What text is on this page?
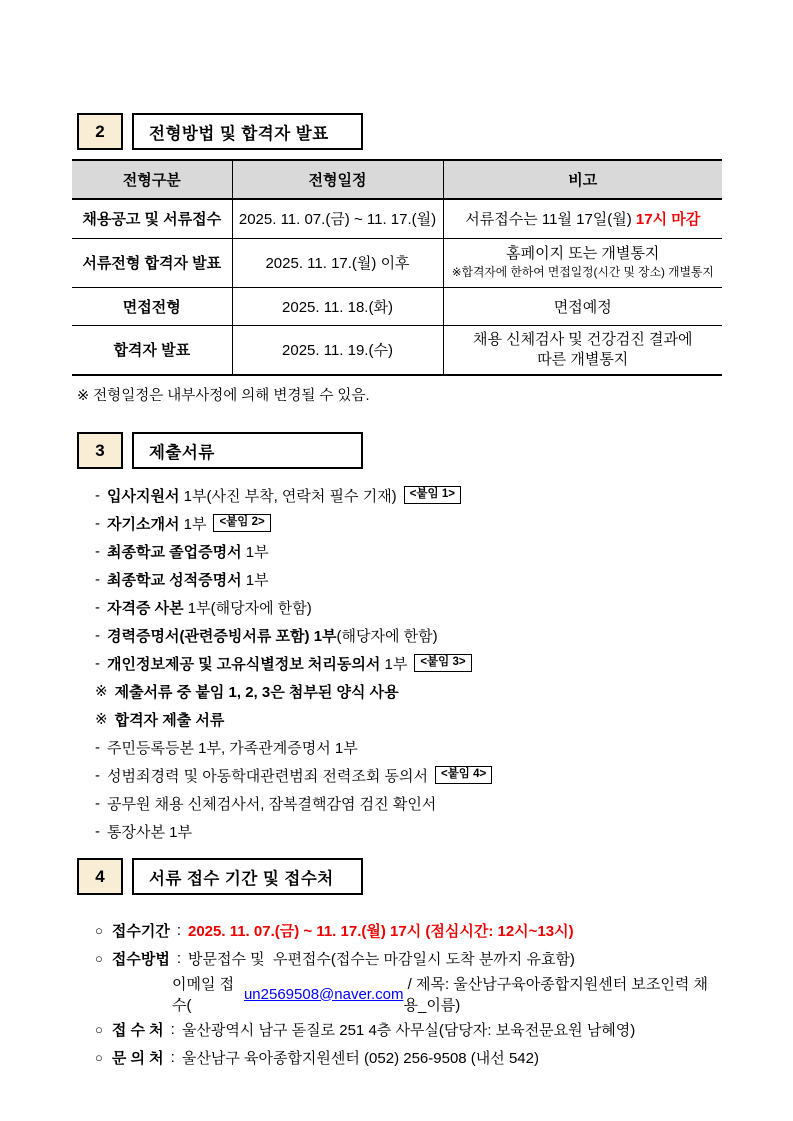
2	전형방법 및 합격자 발표
전형구분	전형일정	비고
채용공고 및 서류접수	2025. 11. 07.(금) ~ 11. 17.(월)	서류접수는 11월 17일(월) 17시 마감
서류전형 합격자 발표	2025. 11. 17.(월) 이후	홈페이지 또는 개별통지
※합격자에 한하여 면접일정(시간 및 장소) 개별통지

면접전형	2025. 11. 18.(화)	면접예정
합격자 발표	2025. 11. 19.(수)	채용 신체검사 및 건강검진 결과에
따른 개별통지
※ 전형일정은 내부사정에 의해 변경될 수 있음.
3	제출서류
- 입사지원서 1부(사진 부착, 연락처 필수 기재)	<붙임 1>
- 자기소개서 1부	<붙임 2>
- 최종학교 졸업증명서 1부
- 최종학교 성적증명서 1부
- 자격증 사본 1부(해당자에 한함)
- 경력증명서(관련증빙서류 포함) 1부 (해당자에 한함)
- 개인정보제공 및 고유식별정보 처리동의서 1부	<붙임 3>
※ 제출서류 중 붙임 1, 2, 3은 첨부된 양식 사용
※ 합격자 제출 서류
- 주민등록등본 1부, 가족관계증명서 1부
- 성범죄경력 및 아동학대관련범죄 전력조회 동의서	<붙임 4>
- 공무원 채용 신체검사서, 잠복결핵감염 검진 확인서
- 통장사본 1부
4	서류 접수 기간 및 접수처
○ 접수기간 : 2025. 11. 07.(금) ~ 11. 17.(월) 17시 (점심시간: 12시~13시)
○ 접수방법 : 방문접수 및  우편접수(접수는 마감일시 도착 분까지 유효함)
이메일 접수(
un2569508@naver.com
/ 제목: 울산남구육아종합지원센터 보조인력 채용_이름)
○ 접 수 처 : 울산광역시 남구 돋질로 251 4층 사무실(담당자: 보육전문요원 남혜영)
○ 문 의 처 : 울산남구 육아종합지원센터 (052) 256-9508 (내선 542)
